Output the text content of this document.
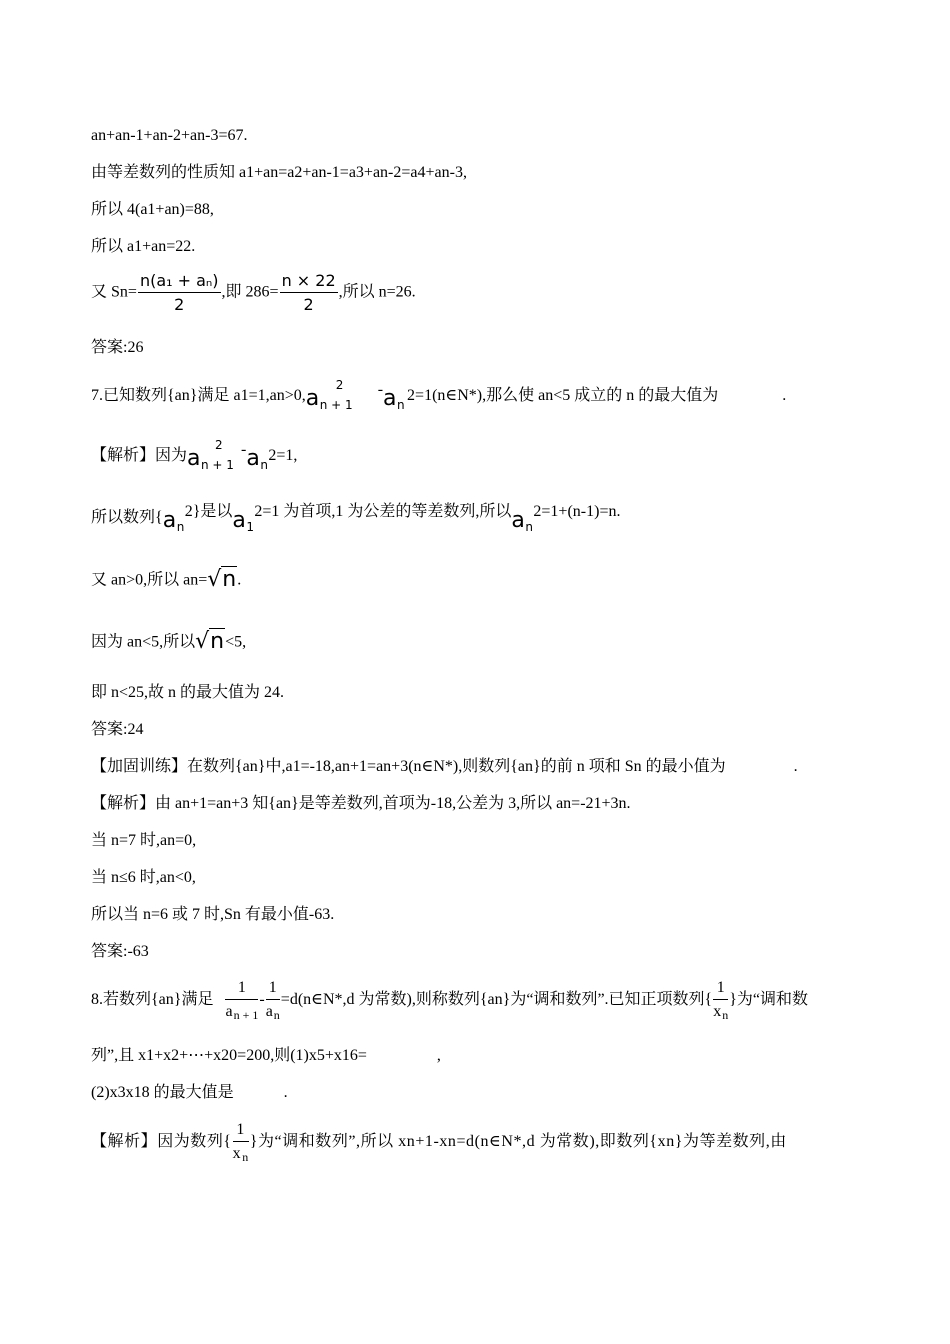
an+an-1+an-2+an-3=67.
由等差数列的性质知 a1+an=a2+an-1=a3+an-2=a4+an-3,
所以 4(a1+an)=88,
所以 a1+an=22.
又 $Sn= \frac{\text{n(a₁ + aₙ)}}{2}$ ,即 $286= \frac{n \times 22}{2}$ ,所以 n=26.
答案:26
7.已知数列{an}满足 a1=1,an>0, a
2
n + 1
- a n
2=1(n∈N*),那么使 an<5 成立的 n 的最大值为	.
【解析】因为 a
2
n + 1
- a n
2=1,
所以数列{ a n
2}是以 a 1
2=1 为首项,1 为公差的等差数列,所以 a n
2=1+(n-1)=n.
又 an>0,所以 an=√n.
因为 an<5,所以√n<5,
即 n<25,故 n 的最大值为 24.
答案:24
【加固训练】在数列{an}中,a1=-18,an+1=an+3(n∈N*),则数列{an}的前 n 项和 Sn 的最小值为	.
【解析】由 an+1=an+3 知{an}是等差数列,首项为-18,公差为 3,所以 an=-21+3n.
当 n=7 时,an=0,
当 n≤6 时,an<0,
所以当 n=6 或 7 时,Sn 有最小值-63.
答案:-63
8.若数列{an}满足 $\frac{1}{an + 1} - \frac{1}{an}$ =d(n∈N*,d 为常数),则称数列{an}为“调和数列”.已知正项数列{ $\frac{1}{xn}$ }为“调和数
列”,且 x1+x2+⋯+x20=200,则(1)x5+x16=	,
(2)x3x18 的最大值是	.
【解析】因为数列{ $\frac{1}{xn}$ }为“调和数列”,所以 xn+1-xn=d(n∈N*,d 为常数),即数列{xn}为等差数列,由
